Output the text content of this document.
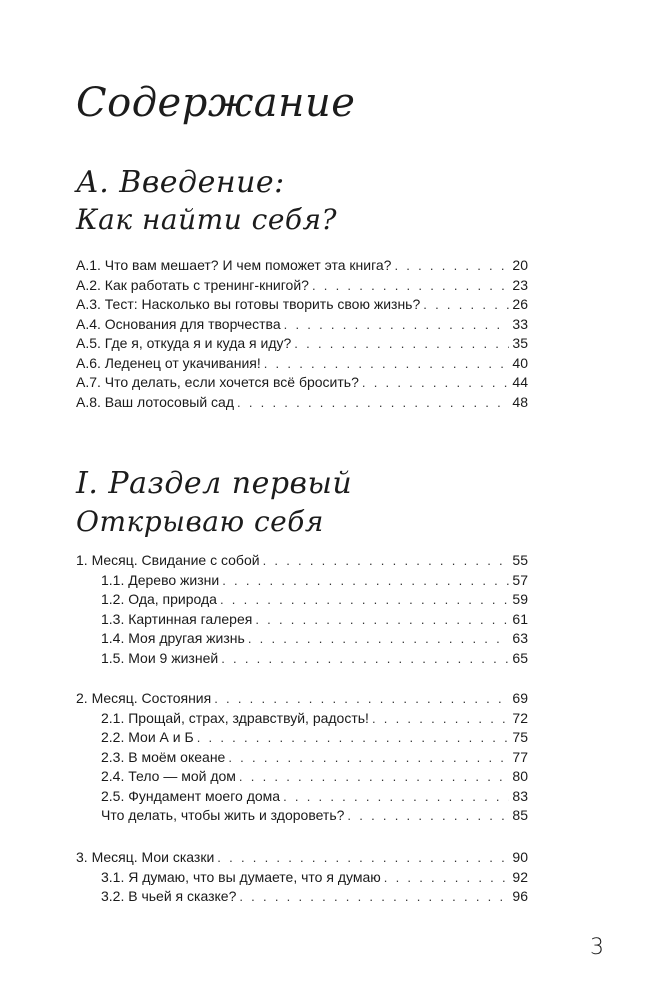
Содержание
А. Введение:
Как найти себя?
А.1. Что вам мешает? И чем поможет эта книга? . . .	20
А.2. Как работать с тренинг-книгой? . . .	23
А.3. Тест: Насколько вы готовы творить свою жизнь? . . .	26
А.4. Основания для творчества . . .	33
А.5. Где я, откуда я и куда я иду? . . .	35
А.6. Леденец от укачивания! . . .	40
А.7. Что делать, если хочется всё бросить? . . .	44
А.8. Ваш лотосовый сад . . .	48
I. Раздел первый
Открываю себя
1. Месяц. Свидание с собой . . .	55
1.1. Дерево жизни . . .	57
1.2. Ода, природа . . .	59
1.3. Картинная галерея . . .	61
1.4. Моя другая жизнь . . .	63
1.5. Мои 9 жизней . . .	65
2. Месяц. Состояния . . .	69
2.1. Прощай, страх, здравствуй, радость! . . .	72
2.2. Мои А и Б . . .	75
2.3. В моём океане . . .	77
2.4. Тело — мой дом . . .	80
2.5. Фундамент моего дома . . .	83
Что делать, чтобы жить и здороветь? . . .	85
3. Месяц. Мои сказки . . .	90
3.1. Я думаю, что вы думаете, что я думаю . . .	92
3.2. В чьей я сказке? . . .	96
3
